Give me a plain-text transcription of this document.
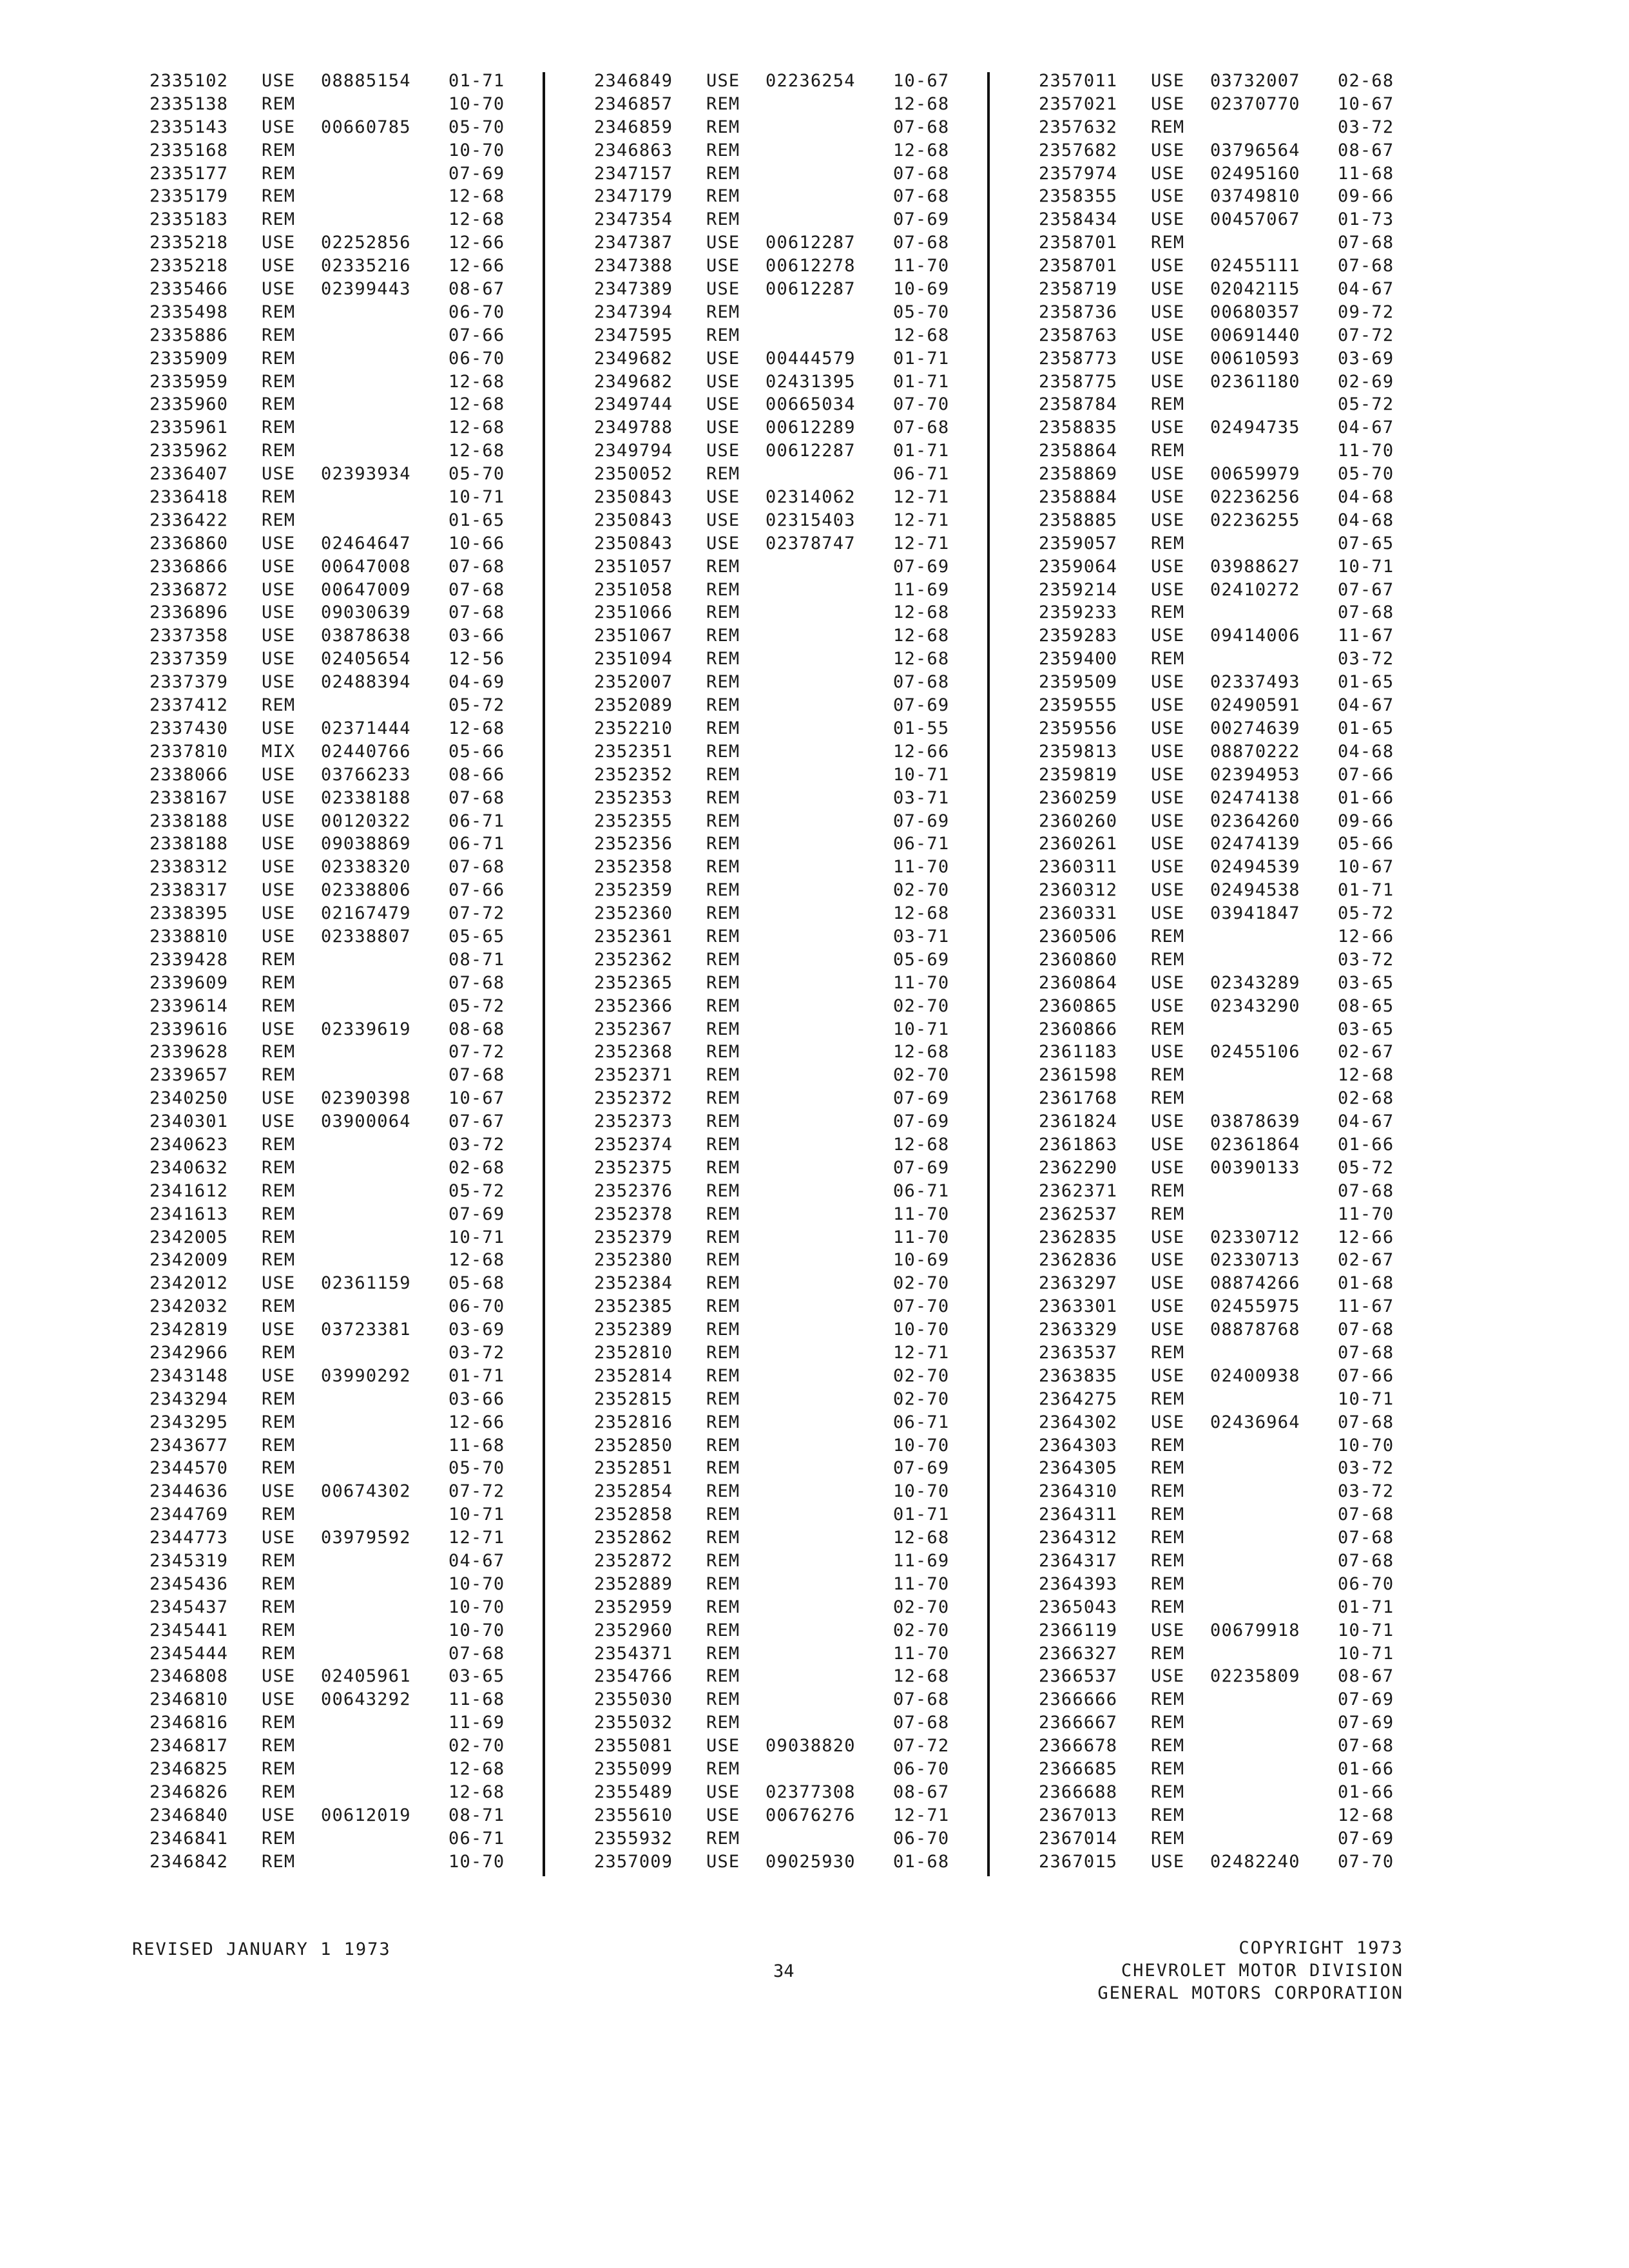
2335102 USE 08885154 01-71
2335138 REM	10-70
2335143 USE 00660785 05-70
2335168 REM	10-70
2335177 REM	07-69
2335179 REM	12-68
2335183 REM	12-68
2335218 USE 02252856 12-66
2335218 USE 02335216 12-66
2335466 USE 02399443 08-67
2335498 REM	06-70
2335886 REM	07-66
2335909 REM	06-70
2335959 REM	12-68
2335960 REM	12-68
2335961 REM	12-68
2335962 REM	12-68
2336407 USE 02393934 05-70
2336418 REM	10-71
2336422 REM	01-65
2336860 USE 02464647 10-66
2336866 USE 00647008 07-68
2336872 USE 00647009 07-68
2336896 USE 09030639 07-68
2337358 USE 03878638 03-66
2337359 USE 02405654 12-56
2337379 USE 02488394 04-69
2337412 REM	05-72
2337430 USE 02371444 12-68
2337810 MIX 02440766 05-66
2338066 USE 03766233 08-66
2338167 USE 02338188 07-68
2338188 USE 00120322 06-71
2338188 USE 09038869 06-71
2338312 USE 02338320 07-68
2338317 USE 02338806 07-66
2338395 USE 02167479 07-72
2338810 USE 02338807 05-65
2339428 REM	08-71
2339609 REM	07-68
2339614 REM	05-72
2339616 USE 02339619 08-68
2339628 REM	07-72
2339657 REM	07-68
2340250 USE 02390398 10-67
2340301 USE 03900064 07-67
2340623 REM	03-72
2340632 REM	02-68
2341612 REM	05-72
2341613 REM	07-69
2342005 REM	10-71
2342009 REM	12-68
2342012 USE 02361159 05-68
2342032 REM	06-70
2342819 USE 03723381 03-69
2342966 REM	03-72
2343148 USE 03990292 01-71
2343294 REM	03-66
2343295 REM	12-66
2343677 REM	11-68
2344570 REM	05-70
2344636 USE 00674302 07-72
2344769 REM	10-71
2344773 USE 03979592 12-71
2345319 REM	04-67
2345436 REM	10-70
2345437 REM	10-70
2345441 REM	10-70
2345444 REM	07-68
2346808 USE 02405961 03-65
2346810 USE 00643292 11-68
2346816 REM	11-69
2346817 REM	02-70
2346825 REM	12-68
2346826 REM	12-68
2346840 USE 00612019 08-71
2346841 REM	06-71
2346842 REM	10-70
2346849 USE 02236254 10-67
2346857 REM	12-68
2346859 REM	07-68
2346863 REM	12-68
2347157 REM	07-68
2347179 REM	07-68
2347354 REM	07-69
2347387 USE 00612287 07-68
2347388 USE 00612278 11-70
2347389 USE 00612287 10-69
2347394 REM	05-70
2347595 REM	12-68
2349682 USE 00444579 01-71
2349682 USE 02431395 01-71
2349744 USE 00665034 07-70
2349788 USE 00612289 07-68
2349794 USE 00612287 01-71
2350052 REM	06-71
2350843 USE 02314062 12-71
2350843 USE 02315403 12-71
2350843 USE 02378747 12-71
2351057 REM	07-69
2351058 REM	11-69
2351066 REM	12-68
2351067 REM	12-68
2351094 REM	12-68
2352007 REM	07-68
2352089 REM	07-69
2352210 REM	01-55
2352351 REM	12-66
2352352 REM	10-71
2352353 REM	03-71
2352355 REM	07-69
2352356 REM	06-71
2352358 REM	11-70
2352359 REM	02-70
2352360 REM	12-68
2352361 REM	03-71
2352362 REM	05-69
2352365 REM	11-70
2352366 REM	02-70
2352367 REM	10-71
2352368 REM	12-68
2352371 REM	02-70
2352372 REM	07-69
2352373 REM	07-69
2352374 REM	12-68
2352375 REM	07-69
2352376 REM	06-71
2352378 REM	11-70
2352379 REM	11-70
2352380 REM	10-69
2352384 REM	02-70
2352385 REM	07-70
2352389 REM	10-70
2352810 REM	12-71
2352814 REM	02-70
2352815 REM	02-70
2352816 REM	06-71
2352850 REM	10-70
2352851 REM	07-69
2352854 REM	10-70
2352858 REM	01-71
2352862 REM	12-68
2352872 REM	11-69
2352889 REM	11-70
2352959 REM	02-70
2352960 REM	02-70
2354371 REM	11-70
2354766 REM	12-68
2355030 REM	07-68
2355032 REM	07-68
2355081 USE 09038820 07-72
2355099 REM	06-70
2355489 USE 02377308 08-67
2355610 USE 00676276 12-71
2355932 REM	06-70
2357009 USE 09025930 01-68
2357011 USE 03732007 02-68
2357021 USE 02370770 10-67
2357632 REM	03-72
2357682 USE 03796564 08-67
2357974 USE 02495160 11-68
2358355 USE 03749810 09-66
2358434 USE 00457067 01-73
2358701 REM	07-68
2358701 USE 02455111 07-68
2358719 USE 02042115 04-67
2358736 USE 00680357 09-72
2358763 USE 00691440 07-72
2358773 USE 00610593 03-69
2358775 USE 02361180 02-69
2358784 REM	05-72
2358835 USE 02494735 04-67
2358864 REM	11-70
2358869 USE 00659979 05-70
2358884 USE 02236256 04-68
2358885 USE 02236255 04-68
2359057 REM	07-65
2359064 USE 03988627 10-71
2359214 USE 02410272 07-67
2359233 REM	07-68
2359283 USE 09414006 11-67
2359400 REM	03-72
2359509 USE 02337493 01-65
2359555 USE 02490591 04-67
2359556 USE 00274639 01-65
2359813 USE 08870222 04-68
2359819 USE 02394953 07-66
2360259 USE 02474138 01-66
2360260 USE 02364260 09-66
2360261 USE 02474139 05-66
2360311 USE 02494539 10-67
2360312 USE 02494538 01-71
2360331 USE 03941847 05-72
2360506 REM	12-66
2360860 REM	03-72
2360864 USE 02343289 03-65
2360865 USE 02343290 08-65
2360866 REM	03-65
2361183 USE 02455106 02-67
2361598 REM	12-68
2361768 REM	02-68
2361824 USE 03878639 04-67
2361863 USE 02361864 01-66
2362290 USE 00390133 05-72
2362371 REM	07-68
2362537 REM	11-70
2362835 USE 02330712 12-66
2362836 USE 02330713 02-67
2363297 USE 08874266 01-68
2363301 USE 02455975 11-67
2363329 USE 08878768 07-68
2363537 REM	07-68
2363835 USE 02400938 07-66
2364275 REM	10-71
2364302 USE 02436964 07-68
2364303 REM	10-70
2364305 REM	03-72
2364310 REM	03-72
2364311 REM	07-68
2364312 REM	07-68
2364317 REM	07-68
2364393 REM	06-70
2365043 REM	01-71
2366119 USE 00679918 10-71
2366327 REM	10-71
2366537 USE 02235809 08-67
2366666 REM	07-69
2366667 REM	07-69
2366678 REM	07-68
2366685 REM	01-66
2366688 REM	01-66
2367013 REM	12-68
2367014 REM	07-69
2367015 USE 02482240 07-70
REVISED JANUARY 1 1973
34
COPYRIGHT 1973
CHEVROLET MOTOR DIVISION
GENERAL MOTORS CORPORATION
